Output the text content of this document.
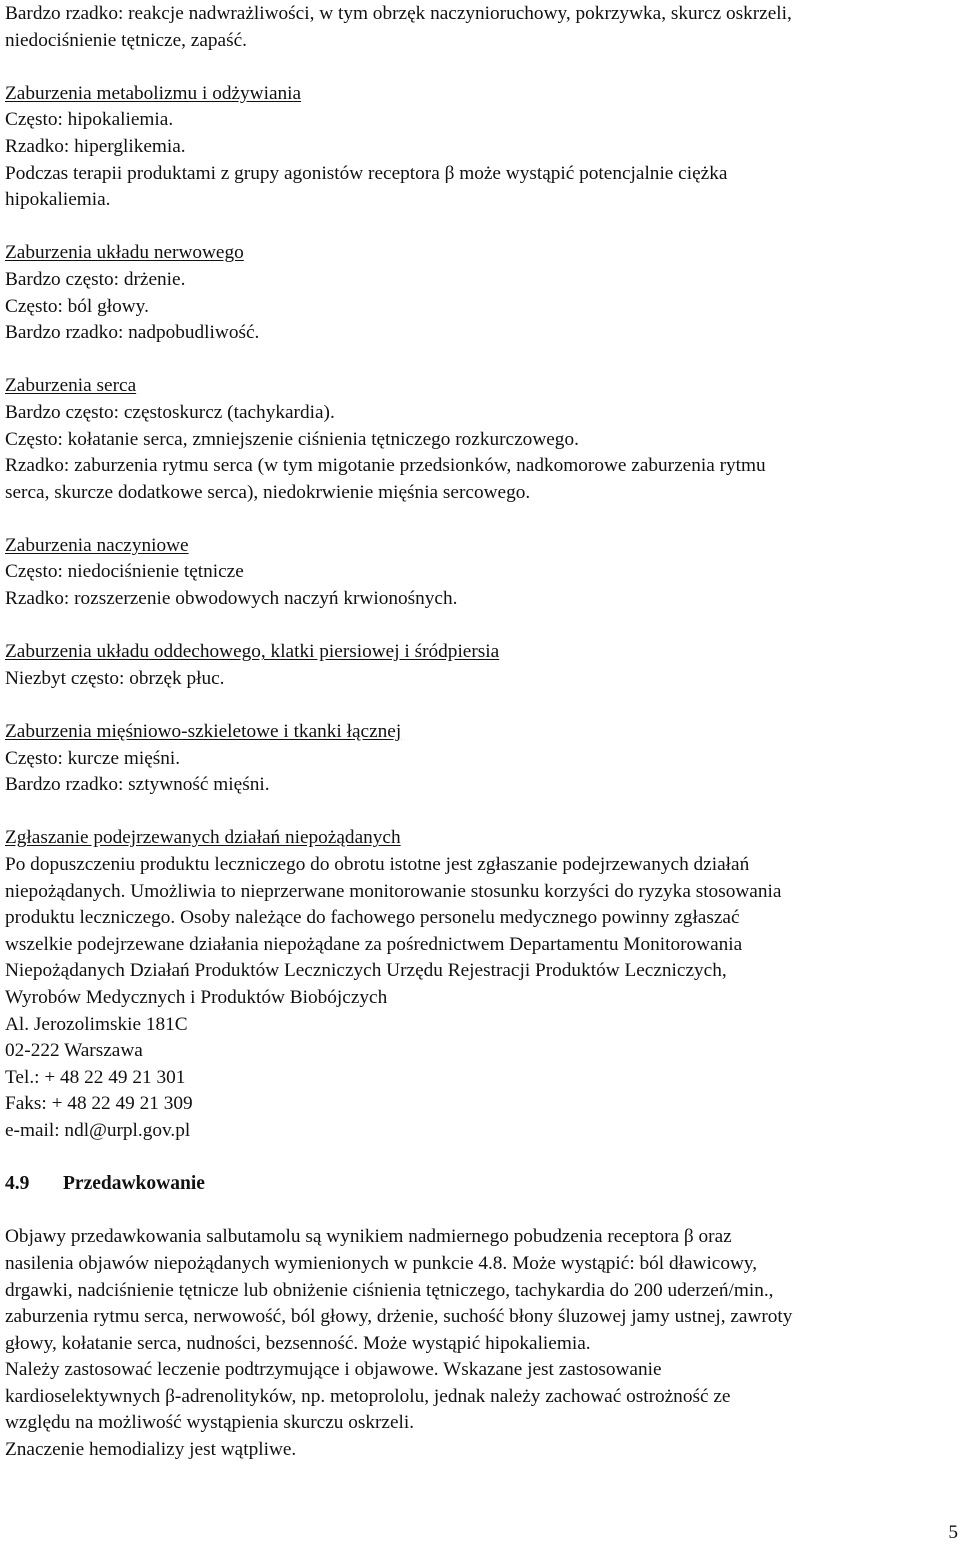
Bardzo rzadko: reakcje nadwrażliwości, w tym obrzęk naczynioruchowy, pokrzywka, skurcz oskrzeli,
niedociśnienie tętnicze, zapaść.
Zaburzenia metabolizmu i odżywiania
Często: hipokaliemia.
Rzadko: hiperglikemia.
Podczas terapii produktami z grupy agonistów receptora β może wystąpić potencjalnie ciężka
hipokaliemia.
Zaburzenia układu nerwowego
Bardzo często: drżenie.
Często: ból głowy.
Bardzo rzadko: nadpobudliwość.
Zaburzenia serca
Bardzo często: częstoskurcz (tachykardia).
Często: kołatanie serca, zmniejszenie ciśnienia tętniczego rozkurczowego.
Rzadko: zaburzenia rytmu serca (w tym migotanie przedsionków, nadkomorowe zaburzenia rytmu
serca, skurcze dodatkowe serca), niedokrwienie mięśnia sercowego.
Zaburzenia naczyniowe
Często: niedociśnienie tętnicze
Rzadko: rozszerzenie obwodowych naczyń krwionośnych.
Zaburzenia układu oddechowego, klatki piersiowej i śródpiersia
Niezbyt często: obrzęk płuc.
Zaburzenia mięśniowo-szkieletowe i tkanki łącznej
Często: kurcze mięśni.
Bardzo rzadko: sztywność mięśni.
Zgłaszanie podejrzewanych działań niepożądanych
Po dopuszczeniu produktu leczniczego do obrotu istotne jest zgłaszanie podejrzewanych działań
niepożądanych. Umożliwia to nieprzerwane monitorowanie stosunku korzyści do ryzyka stosowania
produktu leczniczego. Osoby należące do fachowego personelu medycznego powinny zgłaszać
wszelkie podejrzewane działania niepożądane za pośrednictwem Departamentu Monitorowania
Niepożądanych Działań Produktów Leczniczych Urzędu Rejestracji Produktów Leczniczych,
Wyrobów Medycznych i Produktów Biobójczych
Al. Jerozolimskie 181C
02-222 Warszawa
Tel.: + 48 22 49 21 301
Faks: + 48 22 49 21 309
e-mail: ndl@urpl.gov.pl
4.9 Przedawkowanie
Objawy przedawkowania salbutamolu są wynikiem nadmiernego pobudzenia receptora β oraz
nasilenia objawów niepożądanych wymienionych w punkcie 4.8. Może wystąpić: ból dławicowy,
drgawki, nadciśnienie tętnicze lub obniżenie ciśnienia tętniczego, tachykardia do 200 uderzeń/min.,
zaburzenia rytmu serca, nerwowość, ból głowy, drżenie, suchość błony śluzowej jamy ustnej, zawroty
głowy, kołatanie serca, nudności, bezsenność. Może wystąpić hipokaliemia.
Należy zastosować leczenie podtrzymujące i objawowe. Wskazane jest zastosowanie
kardioselektywnych β-adrenolityków, np. metoprololu, jednak należy zachować ostrożność ze
względu na możliwość wystąpienia skurczu oskrzeli.
Znaczenie hemodializy jest wątpliwe.
5
